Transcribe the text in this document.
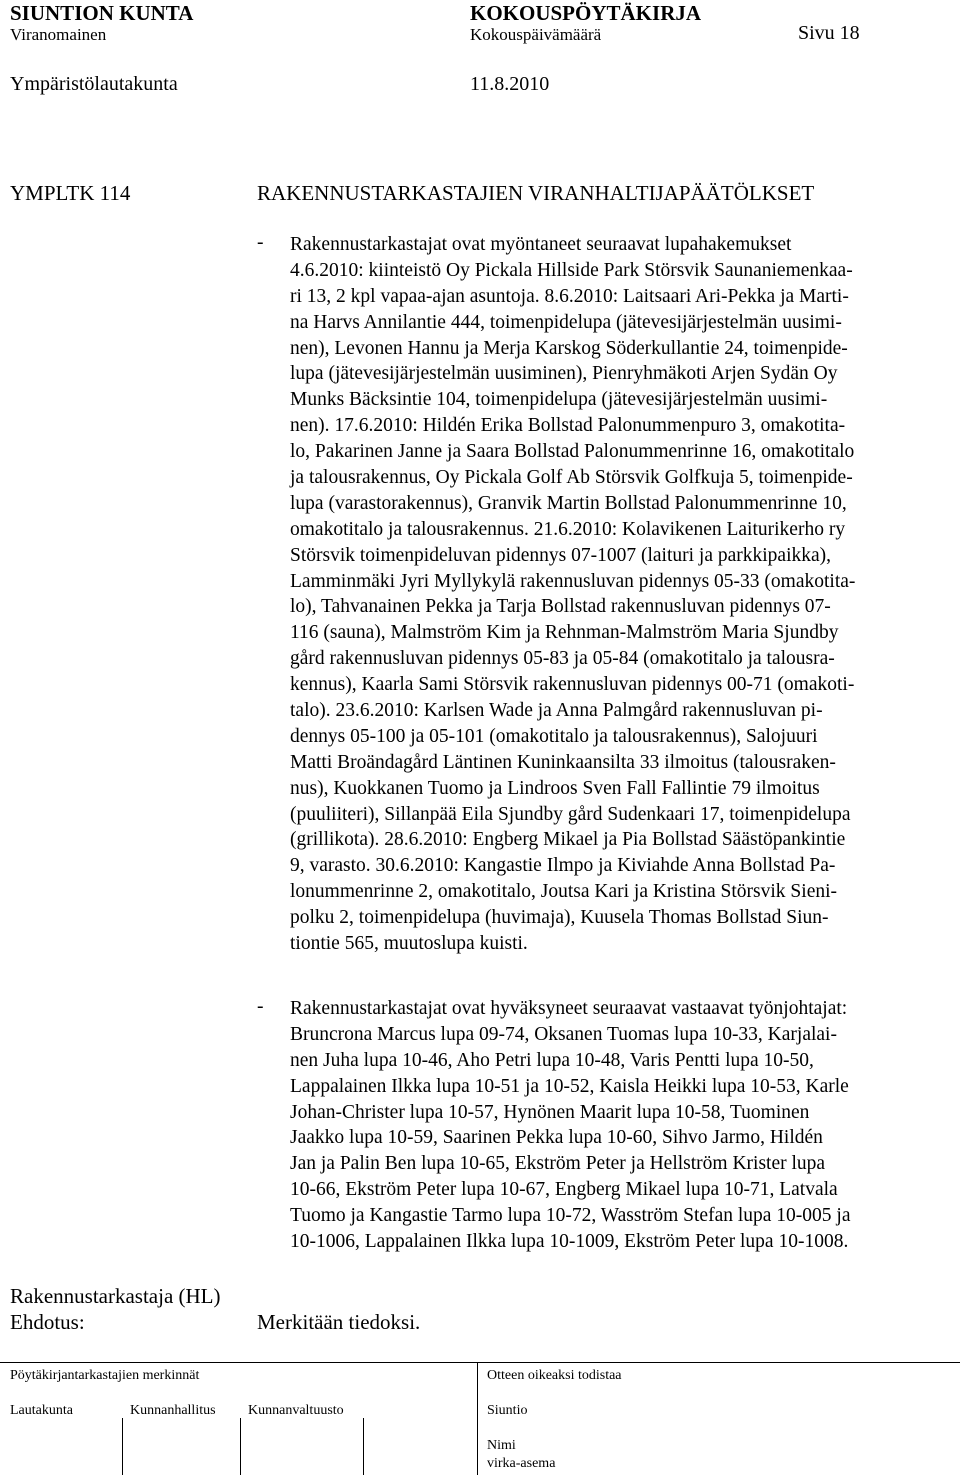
SIUNTION KUNTA	KOKOUSPÖYTÄKIRJA
Viranomainen	Kokouspäivämäärä	Sivu 18
Ympäristölautakunta	11.8.2010
YMPLTK 114	RAKENNUSTARKASTAJIEN VIRANHALTIJAPÄÄTÖLKSET
- Rakennustarkastajat ovat myöntaneet seuraavat lupahakemukset
4.6.2010: kiinteistö Oy Pickala Hillside Park Störsvik Saunaniemenkaa-
ri 13, 2 kpl vapaa-ajan asuntoja. 8.6.2010: Laitsaari Ari-Pekka ja Marti-
na Harvs Annilantie 444, toimenpidelupa (jätevesijärjestelmän uusimi-
nen), Levonen Hannu ja Merja Karskog Söderkullantie 24, toimenpide-
lupa (jätevesijärjestelmän uusiminen), Pienryhmäkoti Arjen Sydän Oy
Munks Bäcksintie 104, toimenpidelupa (jätevesijärjestelmän uusimi-
nen). 17.6.2010: Hildén Erika Bollstad Palonummenpuro 3, omakotita-
lo, Pakarinen Janne ja Saara Bollstad Palonummenrinne 16, omakotitalo
ja talousrakennus, Oy Pickala Golf Ab Störsvik Golfkuja 5, toimenpide-
lupa (varastorakennus), Granvik Martin Bollstad Palonummenrinne 10,
omakotitalo ja talousrakennus. 21.6.2010: Kolavikenen Laiturikerho ry
Störsvik toimenpideluvan pidennys 07-1007 (laituri ja parkkipaikka),
Lamminmäki Jyri Myllykylä rakennusluvan pidennys 05-33 (omakotita-
lo), Tahvanainen Pekka ja Tarja Bollstad rakennusluvan pidennys 07-
116 (sauna), Malmström Kim ja Rehnman-Malmström Maria Sjundby
gård rakennusluvan pidennys 05-83 ja 05-84 (omakotitalo ja talousra-
kennus), Kaarla Sami Störsvik rakennusluvan pidennys 00-71 (omakoti-
talo). 23.6.2010: Karlsen Wade ja Anna Palmgård rakennusluvan pi-
dennys 05-100 ja 05-101 (omakotitalo ja talousrakennus), Salojuuri
Matti Broändagård Läntinen Kuninkaansilta 33 ilmoitus (talousraken-
nus), Kuokkanen Tuomo ja Lindroos Sven Fall Fallintie 79 ilmoitus
(puuliiteri), Sillanpää Eila Sjundby gård Sudenkaari 17, toimenpidelupa
(grillikota). 28.6.2010: Engberg Mikael ja Pia Bollstad Säästöpankintie
9, varasto. 30.6.2010: Kangastie Ilmpo ja Kiviahde Anna Bollstad Pa-
lonummenrinne 2, omakotitalo, Joutsa Kari ja Kristina Störsvik Sieni-
polku 2, toimenpidelupa (huvimaja), Kuusela Thomas Bollstad Siun-
tiontie 565, muutoslupa kuisti.
- Rakennustarkastajat ovat hyväksyneet seuraavat vastaavat työnjohtajat:
Bruncrona Marcus lupa 09-74, Oksanen Tuomas lupa 10-33, Karjalai-
nen Juha lupa 10-46, Aho Petri lupa 10-48, Varis Pentti lupa 10-50,
Lappalainen Ilkka lupa 10-51 ja 10-52, Kaisla Heikki lupa 10-53, Karle
Johan-Christer lupa 10-57, Hynönen Maarit lupa 10-58, Tuominen
Jaakko lupa 10-59, Saarinen Pekka lupa 10-60, Sihvo Jarmo, Hildén
Jan ja Palin Ben lupa 10-65, Ekström Peter ja Hellström Krister lupa
10-66, Ekström Peter lupa 10-67, Engberg Mikael lupa 10-71, Latvala
Tuomo ja Kangastie Tarmo lupa 10-72, Wasström Stefan lupa 10-005 ja
10-1006, Lappalainen Ilkka lupa 10-1009, Ekström Peter lupa 10-1008.
Rakennustarkastaja (HL)
Ehdotus:	Merkitään tiedoksi.
Pöytäkirjantarkastajien merkinnät	Otteen oikeaksi todistaa
Lautakunta	Kunnanhallitus Kunnanvaltuusto	Siuntio
Nimi
virka-asema
